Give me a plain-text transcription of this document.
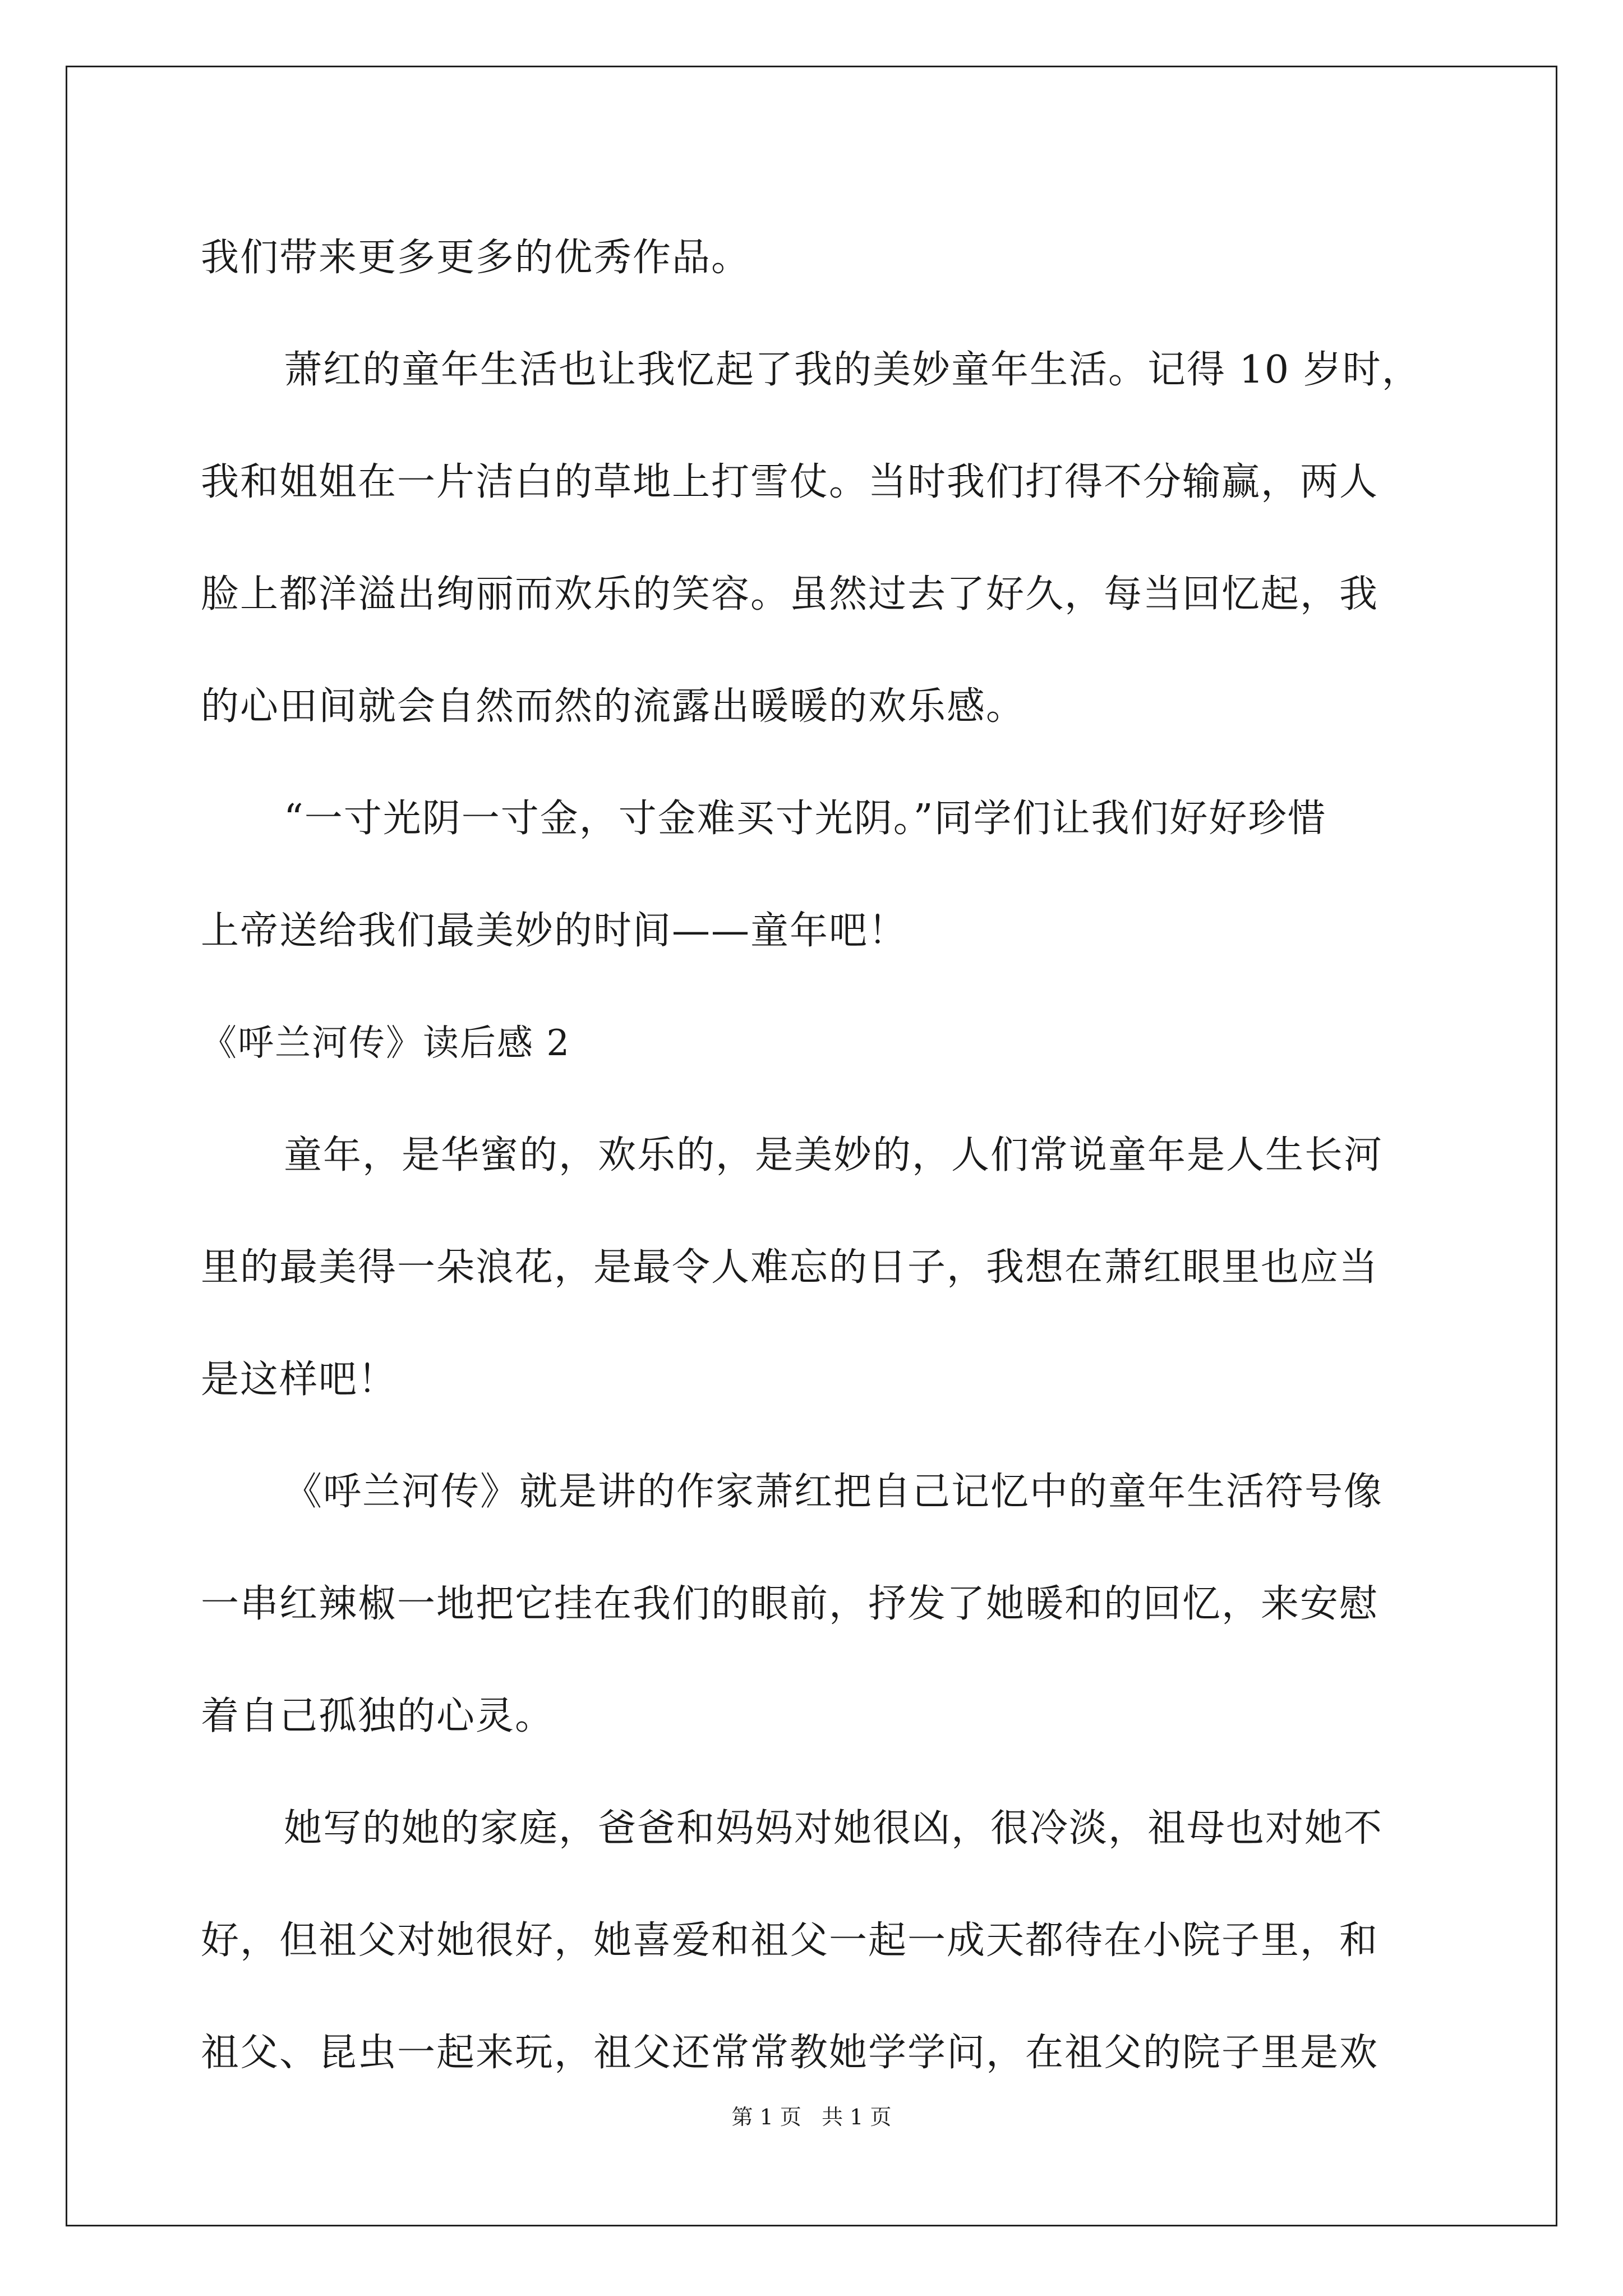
我们带来更多更多的优秀作品。
萧红的童年生活也让我忆起了我的美妙童年生活。记得 10 岁时，
我和姐姐在一片洁白的草地上打雪仗。当时我们打得不分输赢，两人
脸上都洋溢出绚丽而欢乐的笑容。虽然过去了好久，每当回忆起，我
的心田间就会自然而然的流露出暖暖的欢乐感。
“一寸光阴一寸金，寸金难买寸光阴。”同学们让我们好好珍惜
上帝送给我们最美妙的时间——童年吧！
《呼兰河传》读后感 2
童年，是华蜜的，欢乐的，是美妙的，人们常说童年是人生长河
里的最美得一朵浪花，是最令人难忘的日子，我想在萧红眼里也应当
是这样吧！
《呼兰河传》就是讲的作家萧红把自己记忆中的童年生活符号像
一串红辣椒一地把它挂在我们的眼前，抒发了她暖和的回忆，来安慰
着自己孤独的心灵。
她写的她的家庭，爸爸和妈妈对她很凶，很冷淡，祖母也对她不
好，但祖父对她很好，她喜爱和祖父一起一成天都待在小院子里，和
祖父、昆虫一起来玩，祖父还常常教她学学问，在祖父的院子里是欢
第 1 页   共 1 页
